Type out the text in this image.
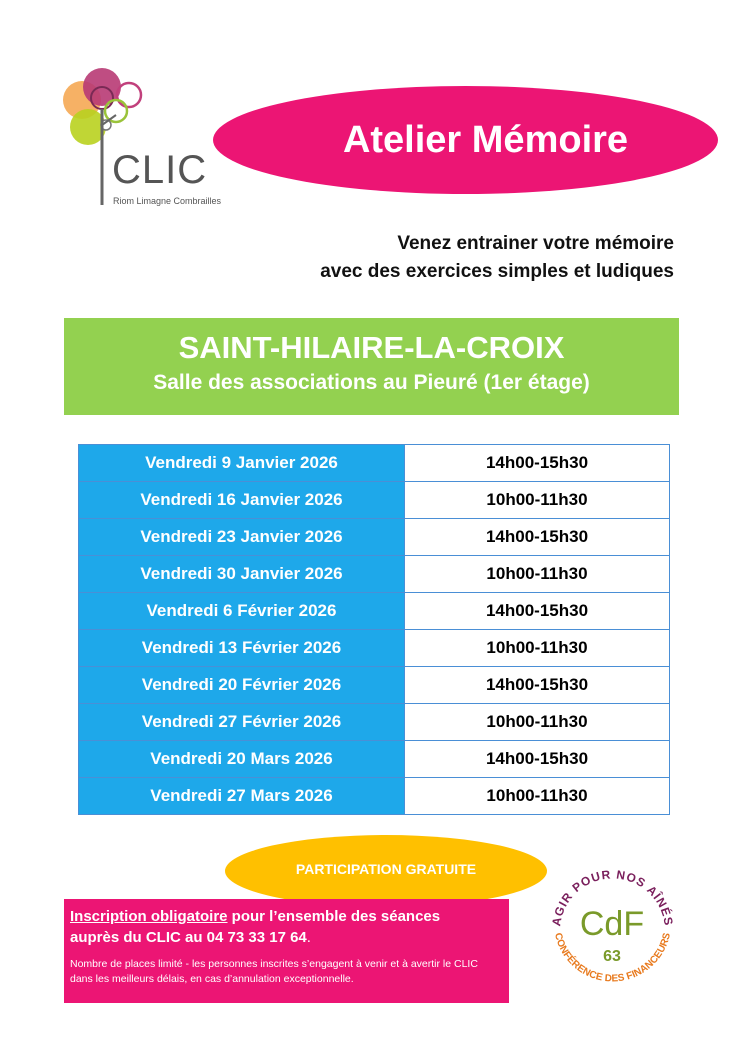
CLIC
Riom Limagne Combrailles
Atelier Mémoire
Venez entrainer votre mémoire
avec des exercices simples et ludiques
SAINT-HILAIRE-LA-CROIX
Salle des associations au Pieuré (1er étage)
Vendredi 9 Janvier 2026	14h00-15h30
Vendredi 16 Janvier 2026	10h00-11h30
Vendredi 23 Janvier 2026	14h00-15h30
Vendredi 30 Janvier 2026	10h00-11h30
Vendredi 6 Février 2026	14h00-15h30
Vendredi 13 Février 2026	10h00-11h30
Vendredi 20 Février 2026	14h00-15h30
Vendredi 27 Février 2026	10h00-11h30
Vendredi 20 Mars 2026	14h00-15h30
Vendredi 27 Mars 2026	10h00-11h30
PARTICIPATION GRATUITE
Inscription obligatoire pour l’ensemble des séances
auprès du CLIC au 04 73 33 17 64.
Nombre de places limité - les personnes inscrites s’engagent à venir et à avertir le CLIC dans les meilleurs délais, en cas d’annulation exceptionnelle.
AGIR POUR NOS AÎNÉS
CONFÉRENCE DES FINANCEURS
CdF
63
